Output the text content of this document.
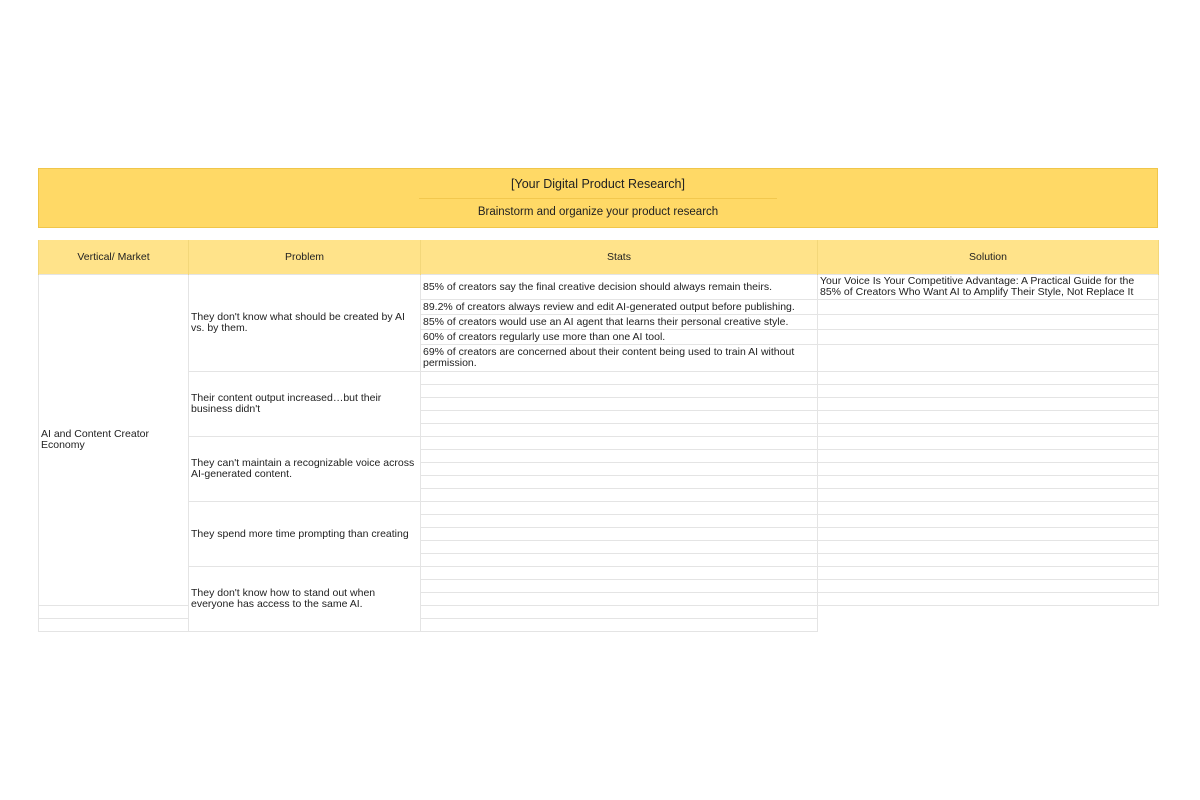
[Your Digital Product Research]
Brainstorm and organize your product research
Vertical/ Market	Problem	Stats	Solution
AI and Content Creator Economy	They don't know what should be created by AI vs. by them.	85% of creators say the final creative decision should always remain theirs.	Your Voice Is Your Competitive Advantage: A Practical Guide for the 85% of Creators Who Want AI to Amplify Their Style, Not Replace It
		89.2% of creators always review and edit AI-generated output before publishing.	
		85% of creators would use an AI agent that learns their personal creative style.	
		60% of creators regularly use more than one AI tool.	
		69% of creators are concerned about their content being used to train AI without permission.	
	Their content output increased…but their business didn't		

	They can't maintain a recognizable voice across AI-generated content.		

	They spend more time prompting than creating		

	They don't know how to stand out when everyone has access to the same AI.		
